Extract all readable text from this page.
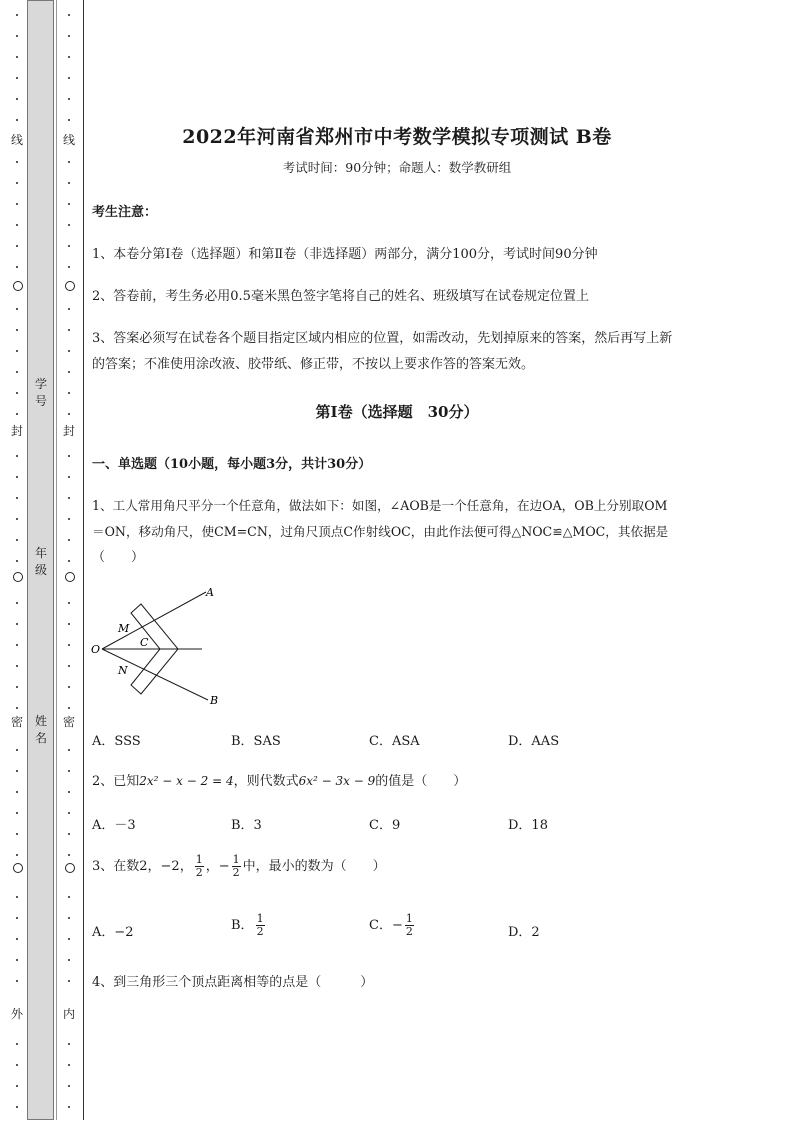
线
封
密
外
线
封
密
内
学号
年级
姓名
2022年河南省郑州市中考数学模拟专项测试 B卷
考试时间：90分钟；命题人：数学教研组
考生注意：
1、本卷分第Ⅰ卷（选择题）和第Ⅱ卷（非选择题）两部分，满分100分，考试时间90分钟
2、答卷前，考生务必用0.5毫米黑色签字笔将自己的姓名、班级填写在试卷规定位置上
3、答案必须写在试卷各个题目指定区域内相应的位置，如需改动，先划掉原来的答案，然后再写上新
的答案；不准使用涂改液、胶带纸、修正带，不按以上要求作答的答案无效。
第Ⅰ卷（选择题　30分）
一、单选题（10小题，每小题3分，共计30分）
1、工人常用角尺平分一个任意角，做法如下：如图，∠AOB是一个任意角，在边OA，OB上分别取OM
＝ON，移动角尺，使CM=CN，过角尺顶点C作射线OC，由此作法便可得△NOC≌△MOC，其依据是
（　　）
A
B
O
M
N
C
A．SSS	B．SAS	C．ASA	D．AAS
2、已知2x² − x − 2 = 4，则代数式6x² − 3x − 9的值是（　　）
A．－3	B．3	C．9	D．18
3、在数2，−2， $\frac{1}{2}$ ，− $\frac{1}{2}$ 中，最小的数为（　　）
A．−2	B． $\frac{1}{2}$	C．− $\frac{1}{2}$	D．2
4、到三角形三个顶点距离相等的点是（　　　）
